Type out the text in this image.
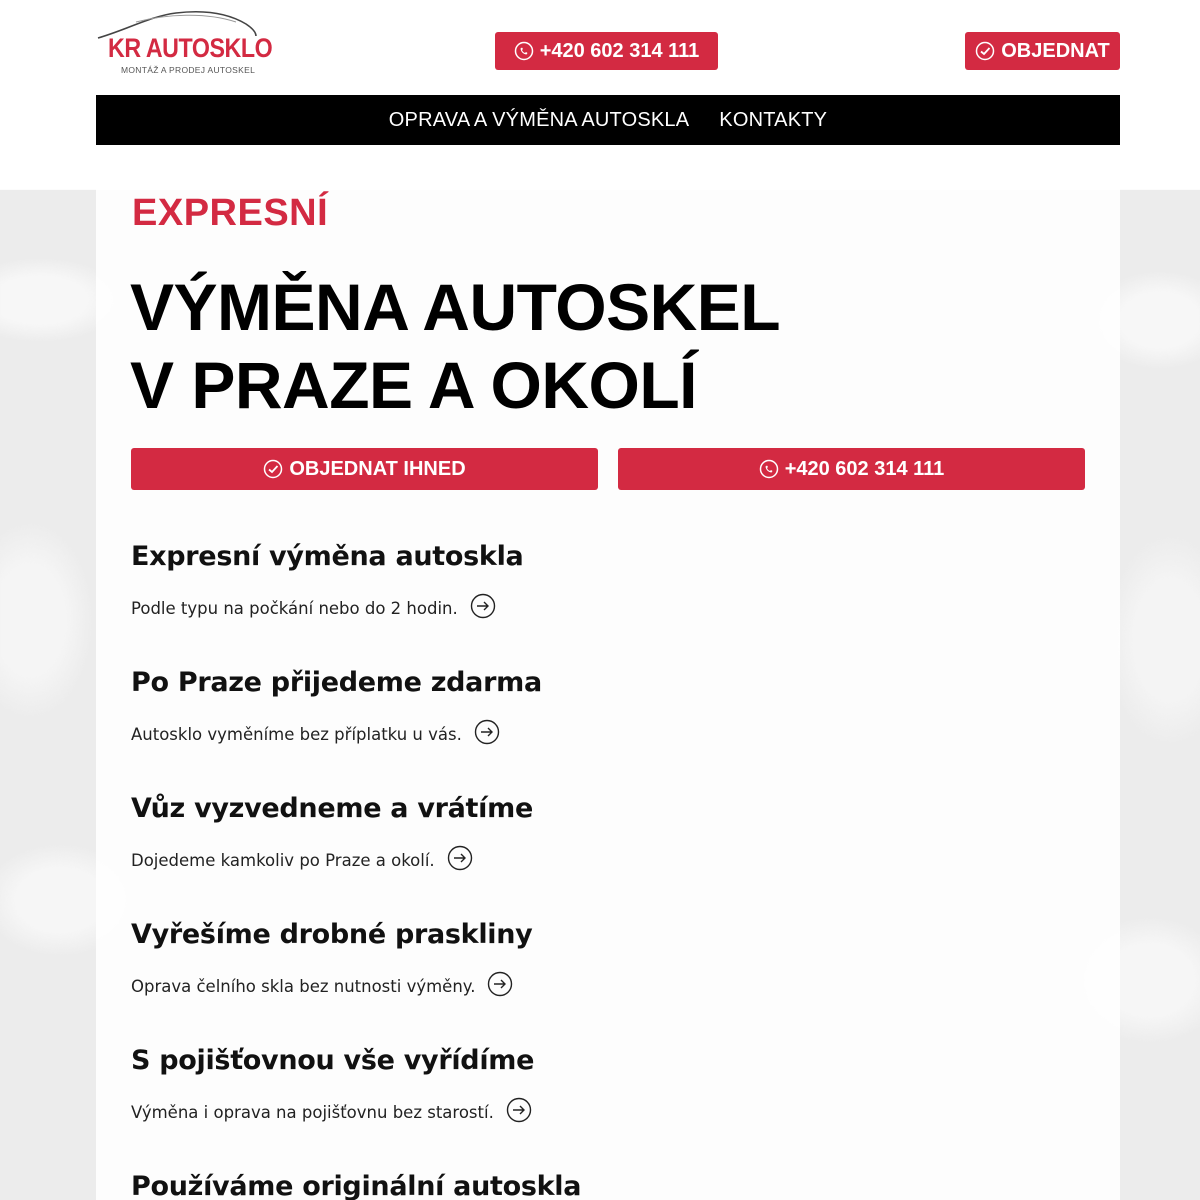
KR AUTOSKLO
MONTÁŽ A PRODEJ AUTOSKEL
+420 602 314 111	OBJEDNAT
OPRAVA A VÝMĚNA AUTOSKLA KONTAKTY
EXPRESNÍ
VÝMĚNA AUTOSKEL
V PRAZE A OKOLÍ
OBJEDNAT IHNED	+420 602 314 111
Expresní výměna autoskla
Podle typu na počkání nebo do 2 hodin.
Po Praze přijedeme zdarma
Autosklo vyměníme bez příplatku u vás.
Vůz vyzvedneme a vrátíme
Dojedeme kamkoliv po Praze a okolí.
Vyřešíme drobné praskliny
Oprava čelního skla bez nutnosti výměny.
S pojišťovnou vše vyřídíme
Výměna i oprava na pojišťovnu bez starostí.
Používáme originální autoskla
